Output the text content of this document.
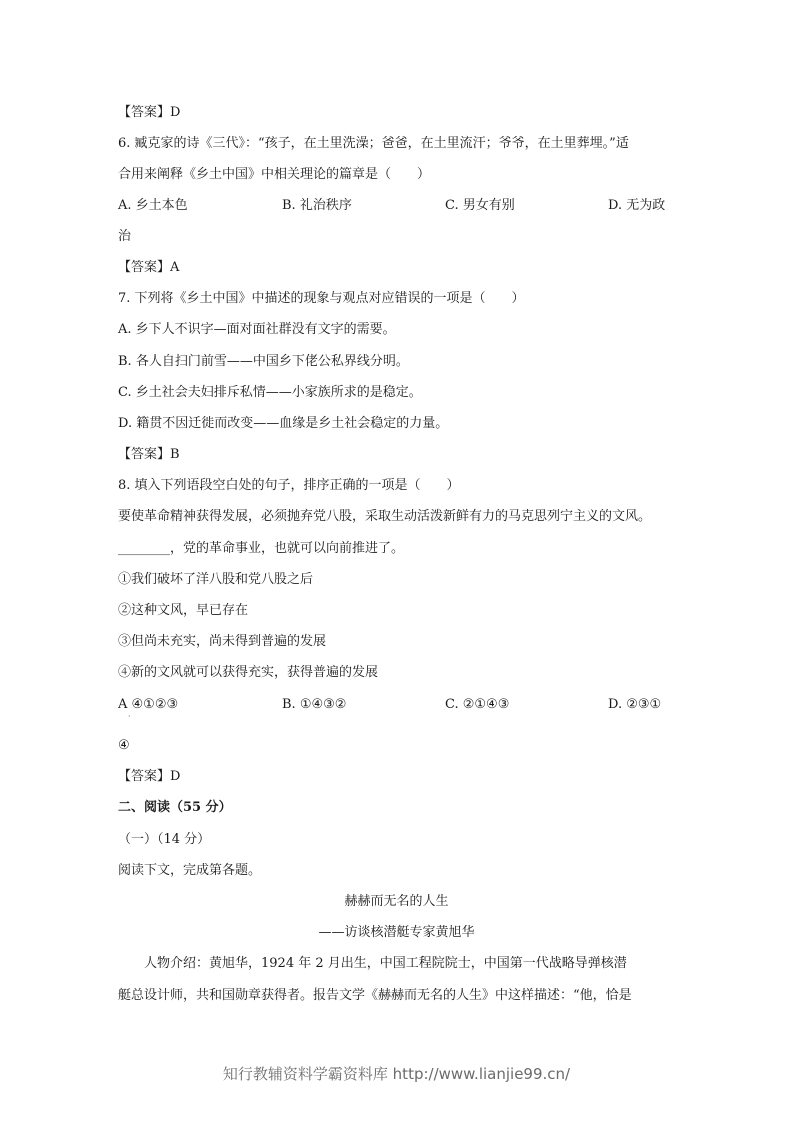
【答案】D
6. 臧克家的诗《三代》：“孩子，在土里洗澡；爸爸，在土里流汗；爷爷，在土里葬埋。”适
合用来阐释《乡土中国》中相关理论的篇章是（　　）
A. 乡土本色	B. 礼治秩序	C. 男女有别	D. 无为政
治
【答案】A
7. 下列将《乡土中国》中描述的现象与观点对应错误的一项是（　　）
A. 乡下人不识字—面对面社群没有文字的需要。
B. 各人自扫门前雪——中国乡下佬公私界线分明。
C. 乡土社会夫妇排斥私情——小家族所求的是稳定。
D. 籍贯不因迁徙而改变——血缘是乡土社会稳定的力量。
【答案】B
8. 填入下列语段空白处的句子，排序正确的一项是（　　）
要使革命精神获得发展，必须抛弃党八股，采取生动活泼新鲜有力的马克思列宁主义的文风。
________，党的革命事业，也就可以向前推进了。
①我们破坏了洋八股和党八股之后
②这种文风，早已存在
③但尚未充实，尚未得到普遍的发展
④新的文风就可以获得充实，获得普遍的发展
A ④①②③
·
B. ①④③②	C. ②①④③	D. ②③①
④
【答案】D
二、阅读（55 分）
（一）（14 分）
阅读下文，完成第各题。
赫赫而无名的人生
——访谈核潜艇专家黄旭华
人物介绍：黄旭华，1924 年 2 月出生，中国工程院院士，中国第一代战略导弹核潜
艇总设计师，共和国勋章获得者。报告文学《赫赫而无名的人生》中这样描述：“他，恰是
知行教辅资料学霸资料库 http://www.lianjie99.cn/
